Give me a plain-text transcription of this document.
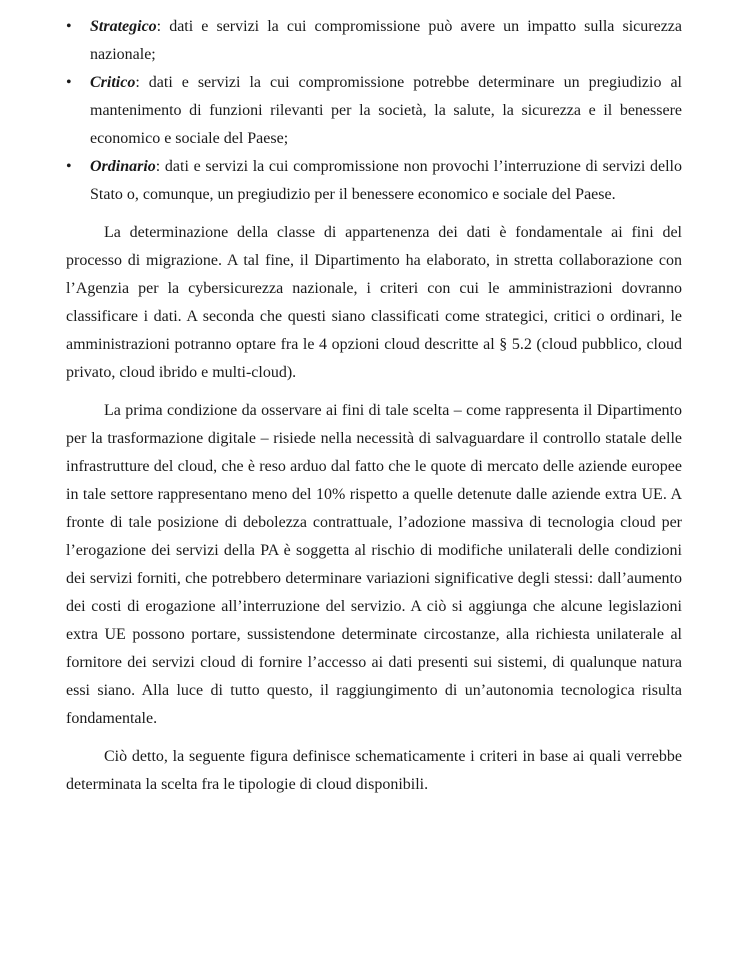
• Strategico: dati e servizi la cui compromissione può avere un impatto sulla sicurezza nazionale;
• Critico: dati e servizi la cui compromissione potrebbe determinare un pregiudizio al mantenimento di funzioni rilevanti per la società, la salute, la sicurezza e il benessere economico e sociale del Paese;
• Ordinario: dati e servizi la cui compromissione non provochi l’interruzione di servizi dello Stato o, comunque, un pregiudizio per il benessere economico e sociale del Paese.

La determinazione della classe di appartenenza dei dati è fondamentale ai fini del processo di migrazione. A tal fine, il Dipartimento ha elaborato, in stretta collaborazione con l’Agenzia per la cybersicurezza nazionale, i criteri con cui le amministrazioni dovranno classificare i dati. A seconda che questi siano classificati come strategici, critici o ordinari, le amministrazioni potranno optare fra le 4 opzioni cloud descritte al § 5.2 (cloud pubblico, cloud privato, cloud ibrido e multi-cloud).

La prima condizione da osservare ai fini di tale scelta – come rappresenta il Dipartimento per la trasformazione digitale – risiede nella necessità di salvaguardare il controllo statale delle infrastrutture del cloud, che è reso arduo dal fatto che le quote di mercato delle aziende europee in tale settore rappresentano meno del 10% rispetto a quelle detenute dalle aziende extra UE. A fronte di tale posizione di debolezza contrattuale, l’adozione massiva di tecnologia cloud per l’erogazione dei servizi della PA è soggetta al rischio di modifiche unilaterali delle condizioni dei servizi forniti, che potrebbero determinare variazioni significative degli stessi: dall’aumento dei costi di erogazione all’interruzione del servizio. A ciò si aggiunga che alcune legislazioni extra UE possono portare, sussistendone determinate circostanze, alla richiesta unilaterale al fornitore dei servizi cloud di fornire l’accesso ai dati presenti sui sistemi, di qualunque natura essi siano. Alla luce di tutto questo, il raggiungimento di un’autonomia tecnologica risulta fondamentale.

Ciò detto, la seguente figura definisce schematicamente i criteri in base ai quali verrebbe determinata la scelta fra le tipologie di cloud disponibili.
